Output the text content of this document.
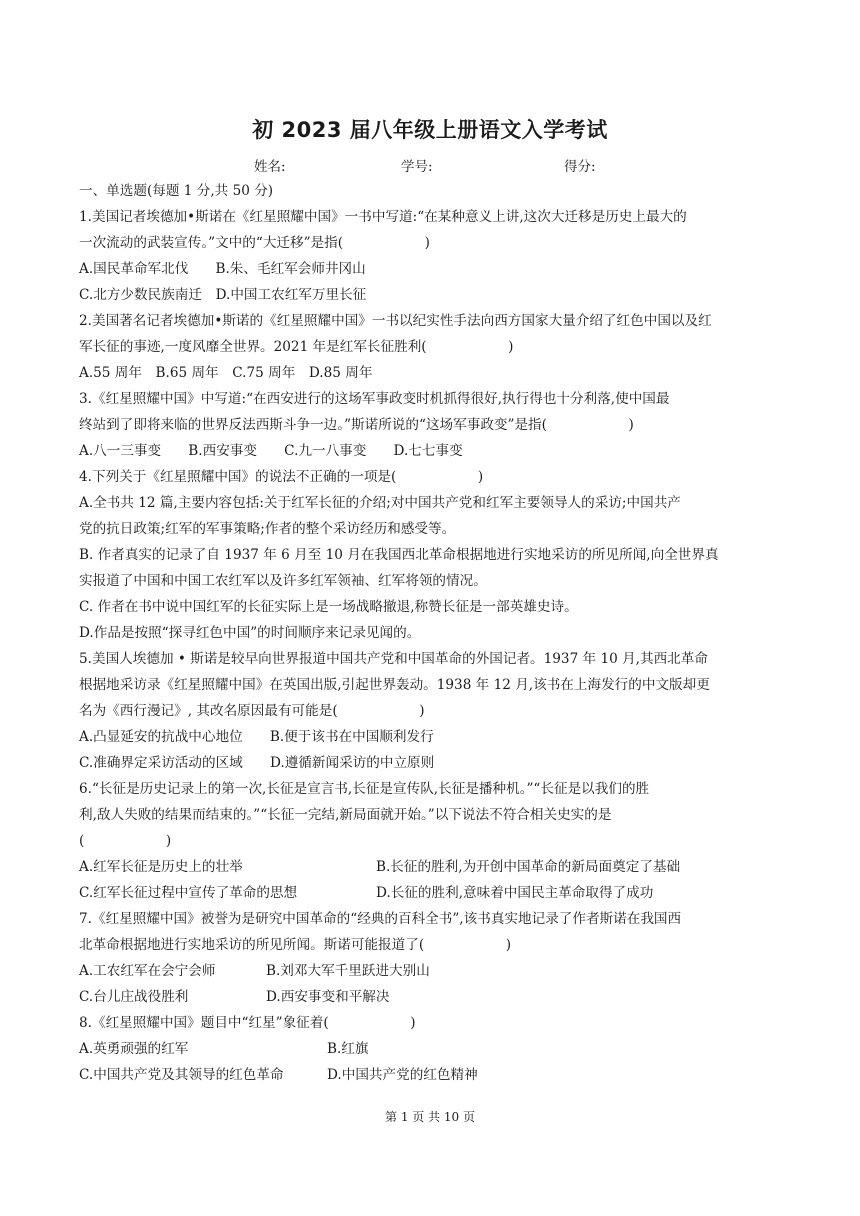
初 2023 届八年级上册语文入学考试
姓名:	学号:	得分:
一、单选题(每题 1 分,共 50 分)
1.美国记者埃德加•斯诺在《红星照耀中国》一书中写道:“在某种意义上讲,这次大迁移是历史上最大的
一次流动的武装宣传。”文中的“大迁移”是指(　　　　　　)
A.国民革命军北伐　　B.朱、毛红军会师井冈山
C.北方少数民族南迁　D.中国工农红军万里长征
2.美国著名记者埃德加•斯诺的《红星照耀中国》一书以纪实性手法向西方国家大量介绍了红色中国以及红
军长征的事迹,一度风靡全世界。2021 年是红军长征胜利(　　　　　　)
A.55 周年　B.65 周年　C.75 周年　D.85 周年
3.《红星照耀中国》中写道:“在西安进行的这场军事政变时机抓得很好,执行得也十分利落,使中国最
终站到了即将来临的世界反法西斯斗争一边。”斯诺所说的“这场军事政变”是指(　　　　　　)
A.八一三事变　　B.西安事变　　C.九一八事变　　D.七七事变
4.下列关于《红星照耀中国》的说法不正确的一项是(　　　　　　)
A.全书共 12 篇,主要内容包括:关于红军长征的介绍;对中国共产党和红军主要领导人的采访;中国共产
党的抗日政策;红军的军事策略;作者的整个采访经历和感受等。
B. 作者真实的记录了自 1937 年 6 月至 10 月在我国西北革命根据地进行实地采访的所见所闻,向全世界真
实报道了中国和中国工农红军以及许多红军领袖、红军将领的情况。
C. 作者在书中说中国红军的长征实际上是一场战略撤退,称赞长征是一部英雄史诗。
D.作品是按照“探寻红色中国”的时间顺序来记录见闻的。
5.美国人埃德加 • 斯诺是较早向世界报道中国共产党和中国革命的外国记者。1937 年 10 月,其西北革命
根据地采访录《红星照耀中国》在英国出版,引起世界轰动。1938 年 12 月,该书在上海发行的中文版却更
名为《西行漫记》, 其改名原因最有可能是(　　　　　　)
A.凸显延安的抗战中心地位　　B.便于该书在中国顺利发行
C.准确界定采访活动的区域　　D.遵循新闻采访的中立原则
6.“长征是历史记录上的第一次,长征是宣言书,长征是宣传队,长征是播种机。”“长征是以我们的胜
利,敌人失败的结果而结束的。”“长征一完结,新局面就开始。”以下说法不符合相关史实的是
(　　　　　　)
A.红军长征是历史上的壮举	B.长征的胜利,为开创中国革命的新局面奠定了基础
C.红军长征过程中宣传了革命的思想	D.长征的胜利,意味着中国民主革命取得了成功
7.《红星照耀中国》被誉为是研究中国革命的“经典的百科全书”,该书真实地记录了作者斯诺在我国西
北革命根据地进行实地采访的所见所闻。斯诺可能报道了(　　　　　　)
A.工农红军在会宁会师	B.刘邓大军千里跃进大别山
C.台儿庄战役胜利	D.西安事变和平解决
8.《红星照耀中国》题目中“红星”象征着(　　　　　　)
A.英勇顽强的红军	B.红旗
C.中国共产党及其领导的红色革命	D.中国共产党的红色精神
第 1 页 共 10 页
